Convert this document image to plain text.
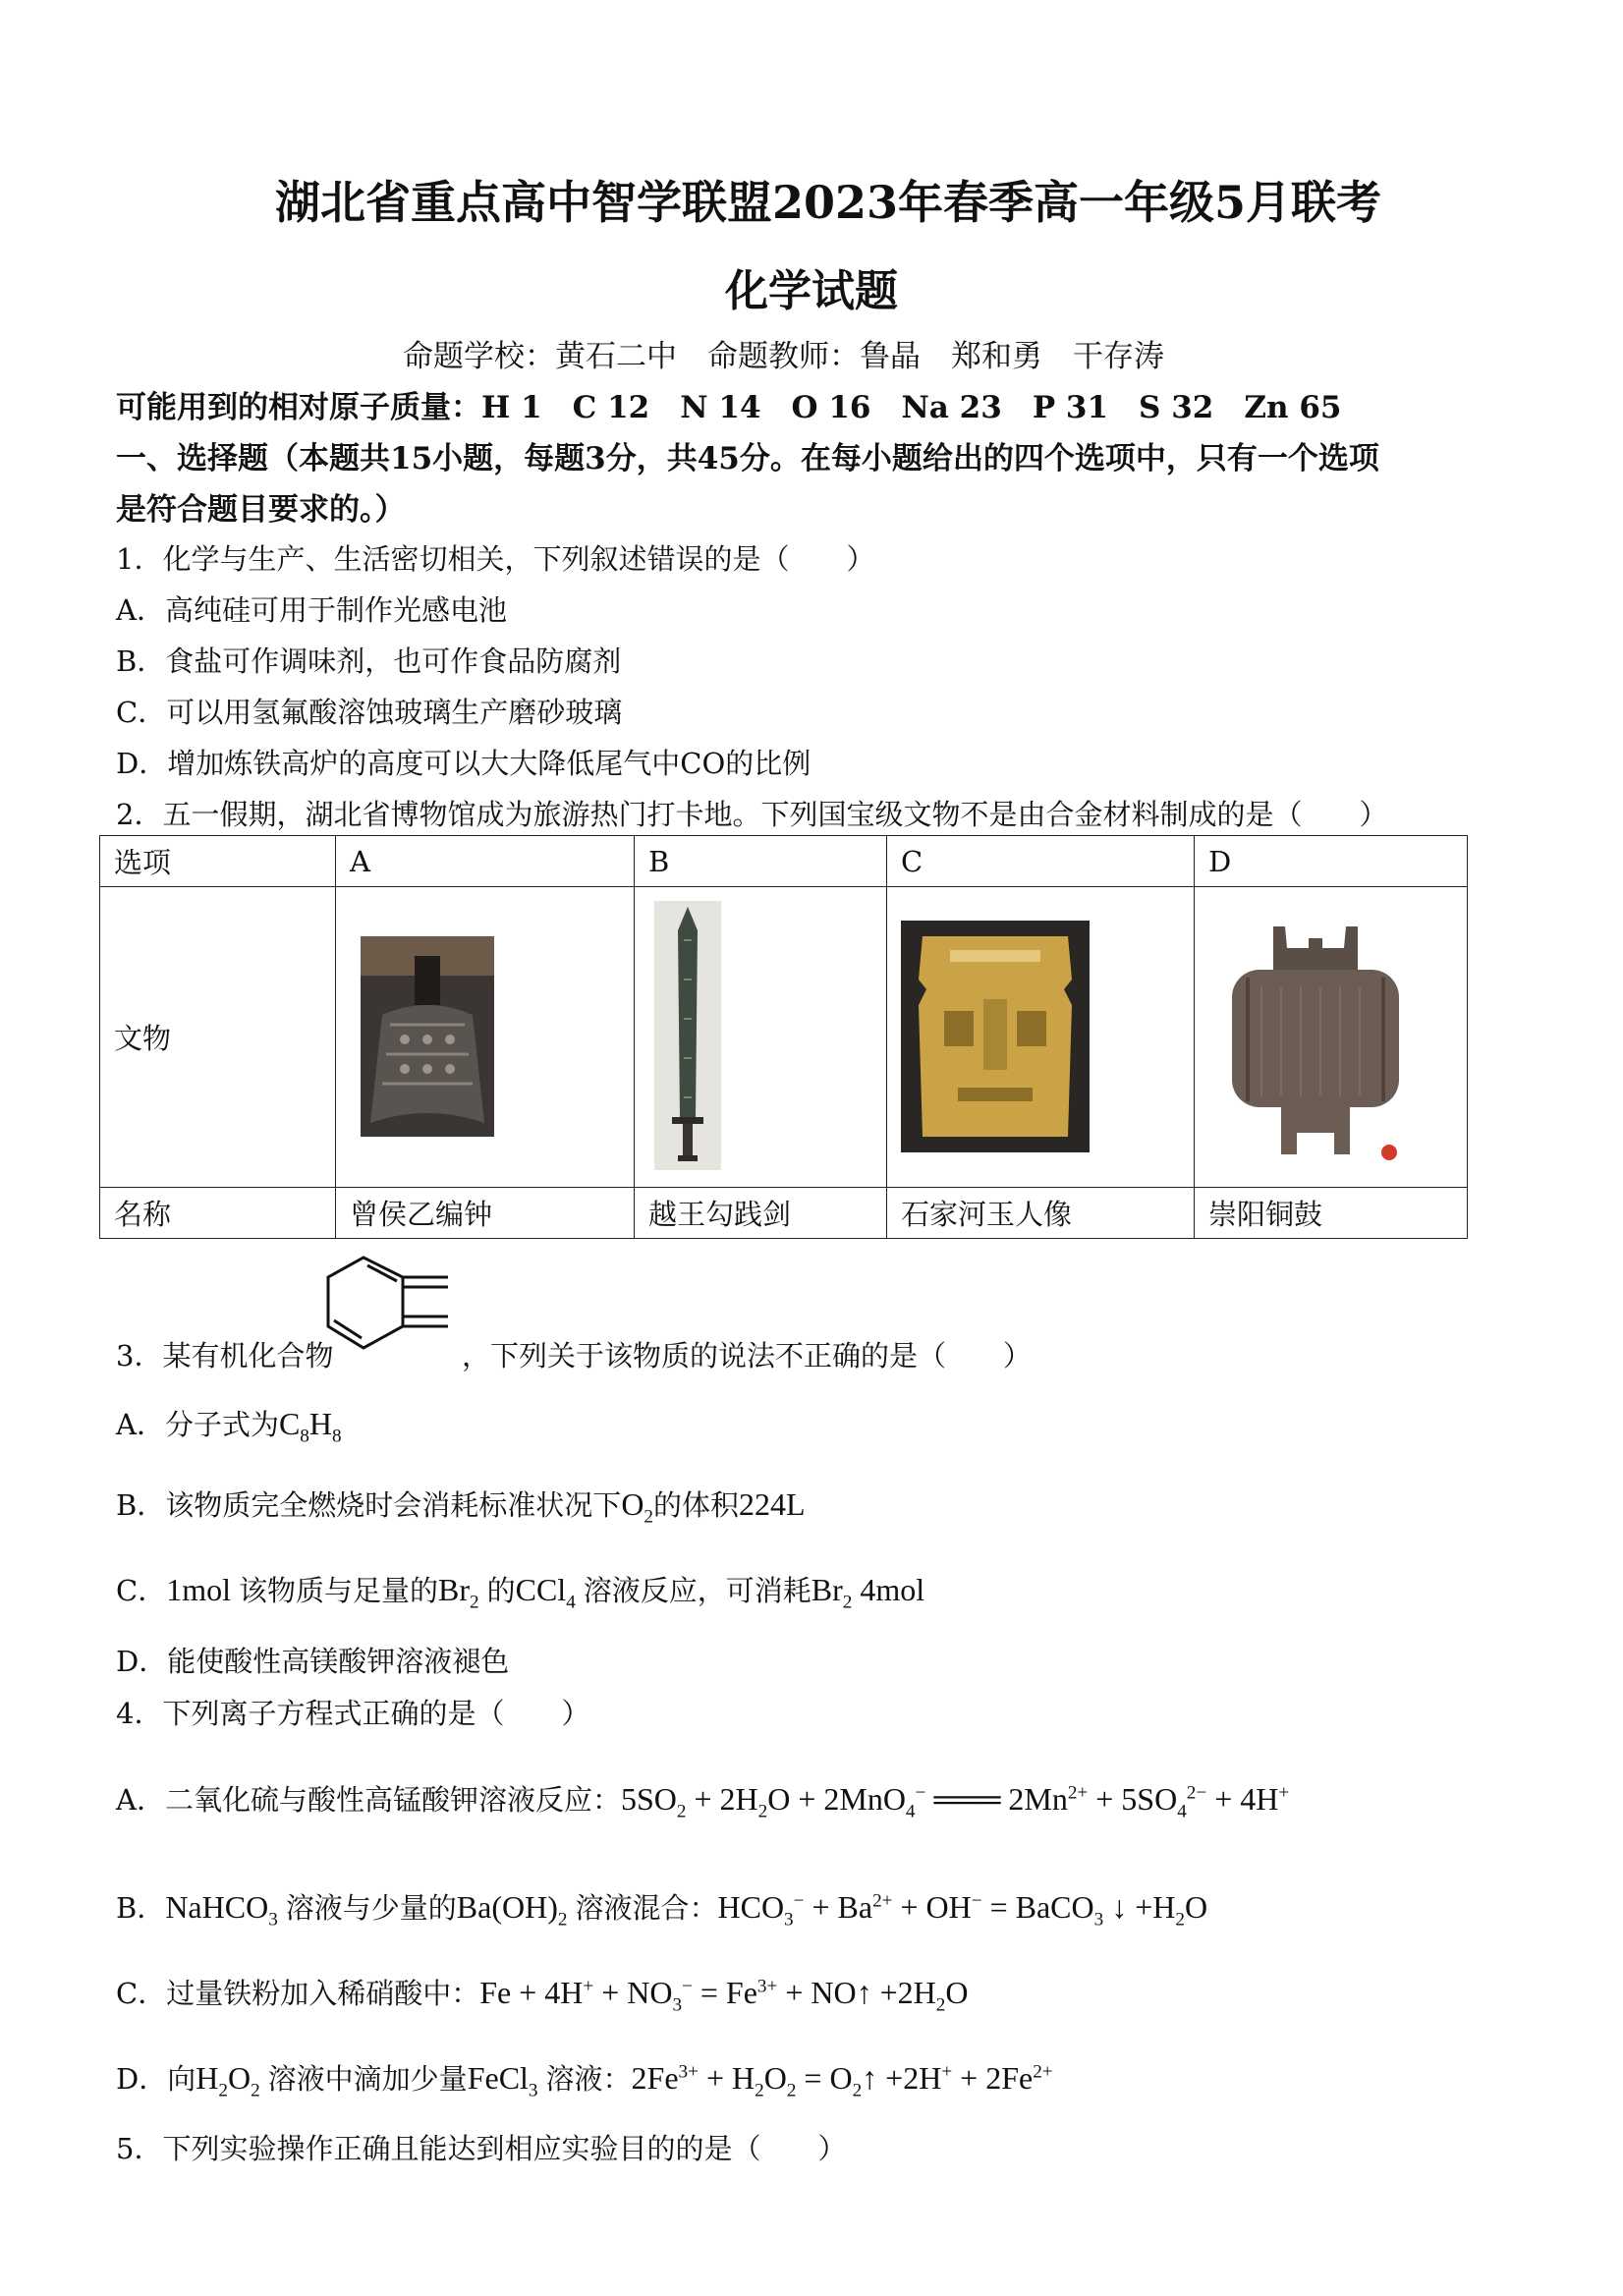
湖北省重点高中智学联盟2023年春季高一年级5月联考
化学试题
命题学校：黄石二中　命题教师：鲁晶　郑和勇　干存涛
可能用到的相对原子质量：H 1　C 12　N 14　O 16　Na 23　P 31　S 32　Zn 65
一、选择题（本题共15小题，每题3分，共45分。在每小题给出的四个选项中，只有一个选项
是符合题目要求的。）
1．化学与生产、生活密切相关，下列叙述错误的是（　　）
A．高纯硅可用于制作光感电池
B．食盐可作调味剂，也可作食品防腐剂
C．可以用氢氟酸溶蚀玻璃生产磨砂玻璃
D．增加炼铁高炉的高度可以大大降低尾气中CO的比例
2．五一假期，湖北省博物馆成为旅游热门打卡地。下列国宝级文物不是由合金材料制成的是（　　）
选项	A	B	C	D
文物	

名称	曾侯乙编钟	越王勾践剑	石家河玉人像	崇阳铜鼓
3．某有机化合物	，下列关于该物质的说法不正确的是（　　）
A．分子式为$C_8H_8$
B．该物质完全燃烧时会消耗标准状况下$O_2$的体积224L
C．1mol 该物质与足量的$Br_2$ 的CCl$_4$ 溶液反应，可消耗$Br_2$ 4mol
D．能使酸性高镁酸钾溶液褪色
4．下列离子方程式正确的是（　　）
A．二氧化硫与酸性高锰酸钾溶液反应：$5SO_2 + 2H_2O + 2MnO_4^-$ ═══ $2Mn^{2+} + 5SO_4^{2-} + 4H^+$
B．NaHCO$_3$ 溶液与少量的$Ba(OH)_2$ 溶液混合：$HCO_3^- + Ba^{2+} + OH^-$ = BaCO$_3$ ↓ $+H_2O$
C．过量铁粉加入稀硝酸中：$Fe + 4H^+ + NO_3^- = Fe^{3+}$ + NO↑ $+2H_2O$
D．向$H_2O_2$ 溶液中滴加少量FeCl$_3$ 溶液：$2Fe^{3+} + H_2O_2$ = $O_2↑ +2H^+ + 2Fe^{2+}$
5．下列实验操作正确且能达到相应实验目的的是（　　）
